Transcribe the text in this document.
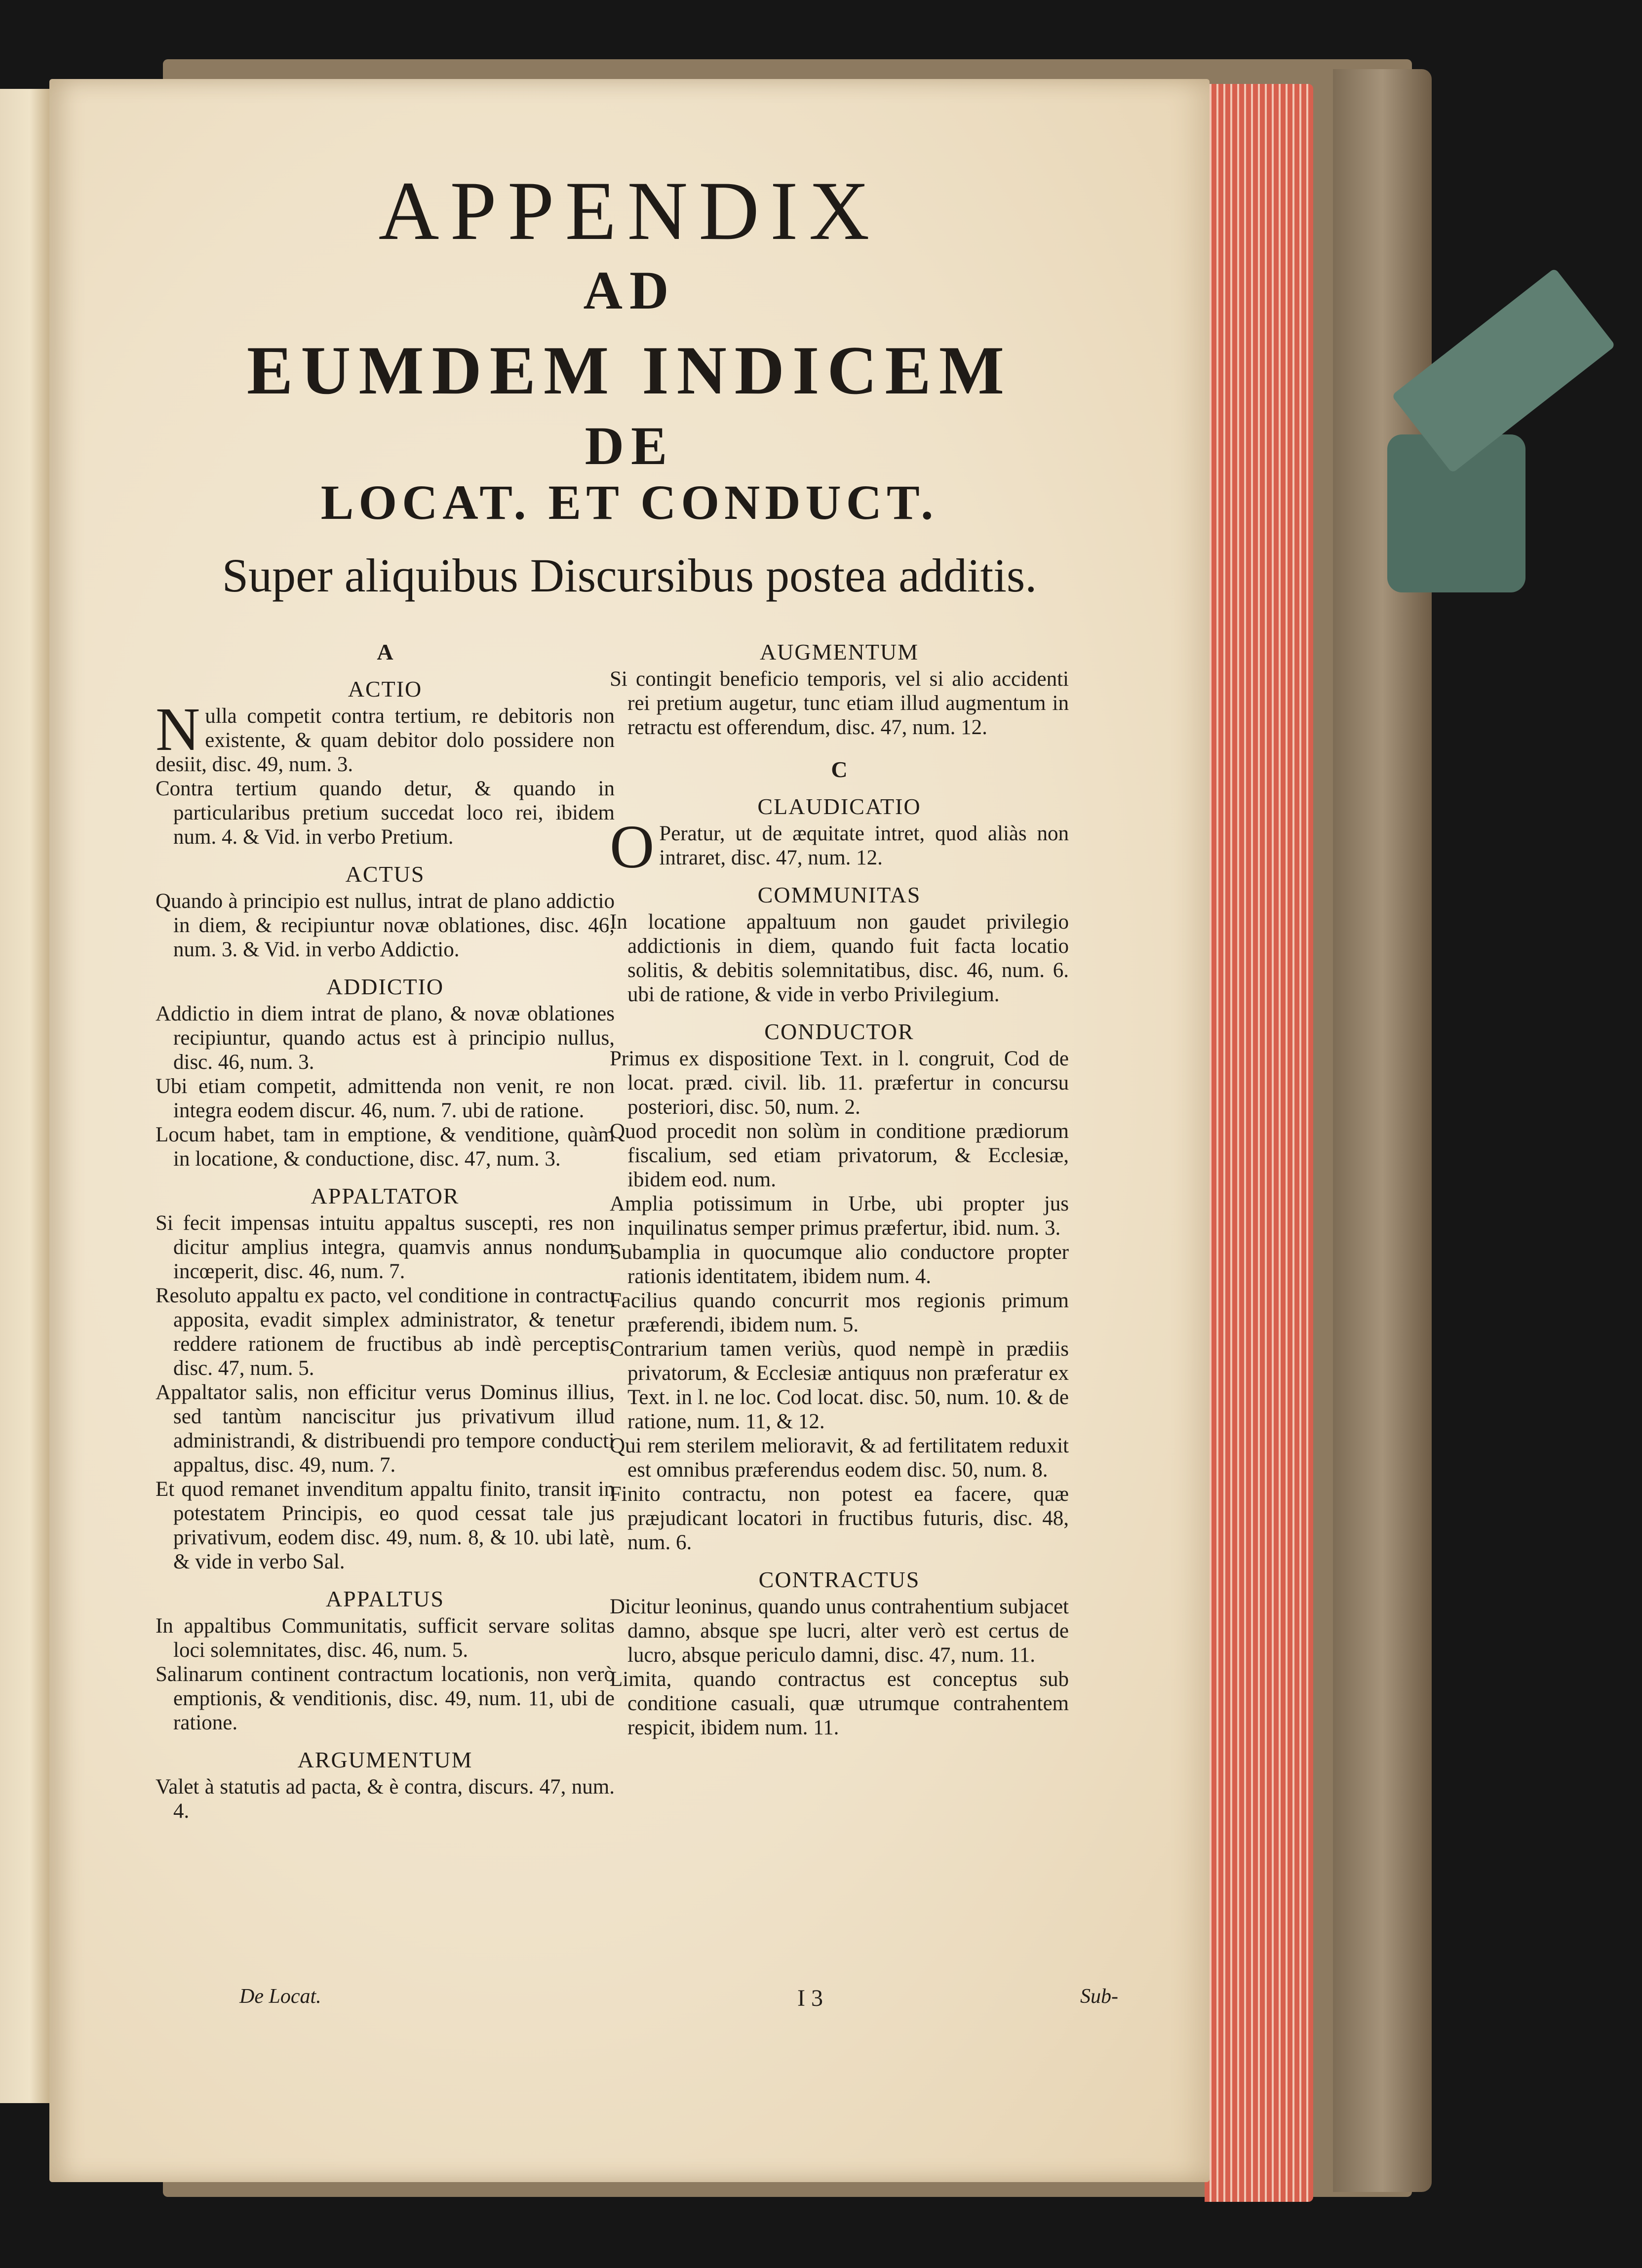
APPENDIX
AD
EUMDEM INDICEM
DE
LOCAT. ET CONDUCT.
Super aliquibus Discursibus postea additis.
A
ACTIO

Nulla competit contra tertium, re debitoris non existente, & quam debitor dolo possidere non desiit, disc. 49, num. 3.

Contra tertium quando detur, & quando in particularibus pretium succedat loco rei, ibidem num. 4. & Vid. in verbo Pretium.

ACTUS

Quando à principio est nullus, intrat de plano addictio in diem, & recipiuntur novæ oblationes, disc. 46, num. 3. & Vid. in verbo Addictio.

ADDICTIO

Addictio in diem intrat de plano, & novæ oblationes recipiuntur, quando actus est à principio nullus, disc. 46, num. 3.

Ubi etiam competit, admittenda non venit, re non integra eodem discur. 46, num. 7. ubi de ratione.

Locum habet, tam in emptione, & venditione, quàm in locatione, & conductione, disc. 47, num. 3.

APPALTATOR

Si fecit impensas intuitu appaltus suscepti, res non dicitur amplius integra, quamvis annus nondum incœperit, disc. 46, num. 7.

Resoluto appaltu ex pacto, vel conditione in contractu apposita, evadit simplex administrator, & tenetur reddere rationem de fructibus ab indè perceptis, disc. 47, num. 5.

Appaltator salis, non efficitur verus Dominus illius, sed tantùm nanciscitur jus privativum illud administrandi, & distribuendi pro tempore conducti appaltus, disc. 49, num. 7.

Et quod remanet invenditum appaltu finito, transit in potestatem Principis, eo quod cessat tale jus privativum, eodem disc. 49, num. 8, & 10. ubi latè, & vide in verbo Sal.

APPALTUS

In appaltibus Communitatis, sufficit servare solitas loci solemnitates, disc. 46, num. 5.

Salinarum continent contractum locationis, non verò emptionis, & venditionis, disc. 49, num. 11, ubi de ratione.

ARGUMENTUM

Valet à statutis ad pacta, & è contra, discurs. 47, num. 4.

AUGMENTUM

Si contingit beneficio temporis, vel si alio accidenti rei pretium augetur, tunc etiam illud augmentum in retractu est offerendum, disc. 47, num. 12.

C
CLAUDICATIO

O Peratur, ut de æquitate intret, quod aliàs non intraret, disc. 47, num. 12.

COMMUNITAS

In locatione appaltuum non gaudet privilegio addictionis in diem, quando fuit facta locatio solitis, & debitis solemnitatibus, disc. 46, num. 6. ubi de ratione, & vide in verbo Privilegium.

CONDUCTOR

Primus ex dispositione Text. in l. congruit, Cod de locat. præd. civil. lib. 11. præfertur in concursu posteriori, disc. 50, num. 2.

Quod procedit non solùm in conditione prædiorum fiscalium, sed etiam privatorum, & Ecclesiæ, ibidem eod. num.

Amplia potissimum in Urbe, ubi propter jus inquilinatus semper primus præfertur, ibid. num. 3.

Subamplia in quocumque alio conductore propter rationis identitatem, ibidem num. 4.

Facilius quando concurrit mos regionis primum præferendi, ibidem num. 5.

Contrarium tamen veriùs, quod nempè in prædiis privatorum, & Ecclesiæ antiquus non præferatur ex Text. in l. ne loc. Cod locat. disc. 50, num. 10. & de ratione, num. 11, & 12.

Qui rem sterilem melioravit, & ad fertilitatem reduxit est omnibus præferendus eodem disc. 50, num. 8.

Finito contractu, non potest ea facere, quæ præjudicant locatori in fructibus futuris, disc. 48, num. 6.

CONTRACTUS

Dicitur leoninus, quando unus contrahentium subjacet damno, absque spe lucri, alter verò est certus de lucro, absque periculo damni, disc. 47, num. 11.

Limita, quando contractus est conceptus sub conditione casuali, quæ utrumque contrahentem respicit, ibidem num. 11.

De Locat.	I 3	Sub-
